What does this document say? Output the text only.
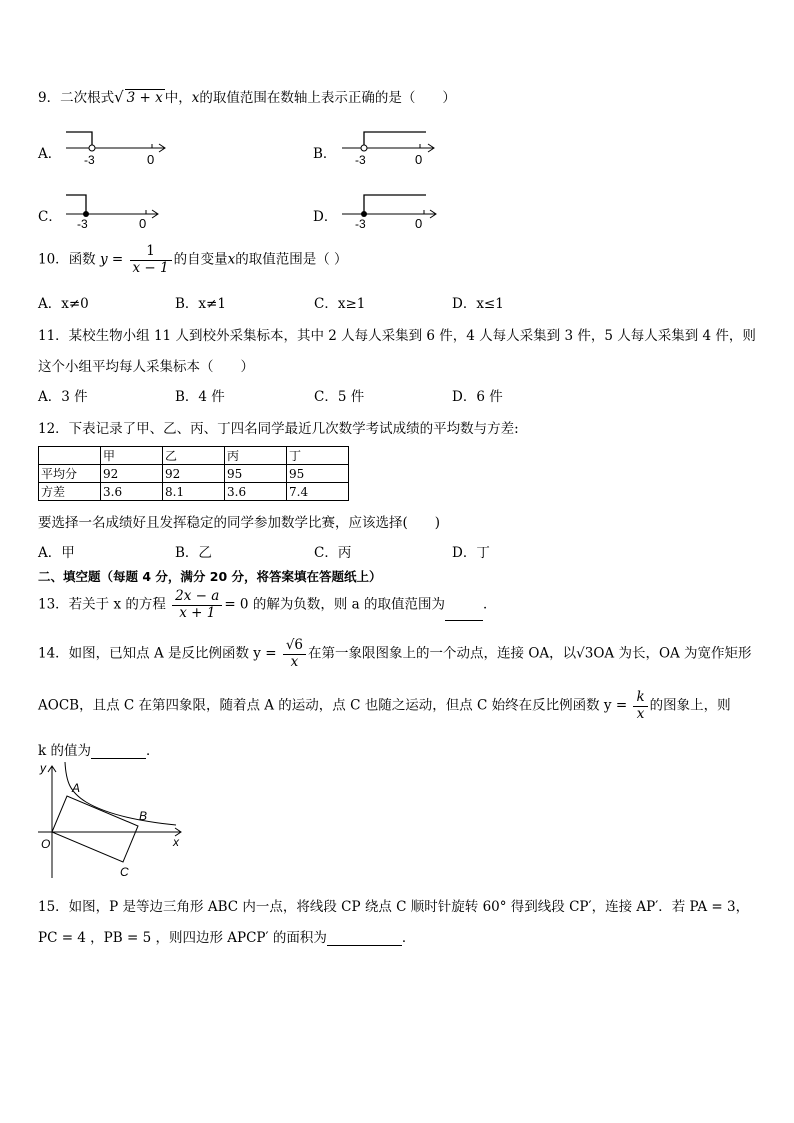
9．二次根式√ 3 + x 中，x的取值范围在数轴上表示正确的是（　　）
A． -3	0	B． -3	0
C． -3	0	D． -3	0
10．函数 $y = \frac{1}{x - 1}$ 的自变量x的取值范围是（ ）
A．x≠0	B．x≠1	C．x≥1	D．x≤1
11．某校生物小组 11 人到校外采集标本，其中 2 人每人采集到 6 件，4 人每人采集到 3 件，5 人每人采集到 4 件，则
这个小组平均每人采集标本（　　）
A．3 件	B．4 件	C．5 件	D．6 件
12．下表记录了甲、乙、丙、丁四名同学最近几次数学考试成绩的平均数与方差:
	甲	乙	丙	丁
平均分	92	92	95	95
方差	3.6	8.1	3.6	7.4
要选择一名成绩好且发挥稳定的同学参加数学比赛，应该选择(　　)
A．甲	B．乙	C．丙	D．丁
二、填空题（每题 4 分，满分 20 分，将答案填在答题纸上）
13．若关于 x 的方程 $\frac{2x - a}{x + 1} = 0$ 的解为负数，则 a 的取值范围为	．
14．如图，已知点 A 是反比例函数 $y = \frac{√6}{x}$ 在第一象限图象上的一个动点，连接 OA，以√3OA 为长，OA 为宽作矩形
AOCB，且点 C 在第四象限，随着点 A 的运动，点 C 也随之运动，但点 C 始终在反比例函数 $y = \frac{k}{x}$ 的图象上，则
k 的值为	．
y
x
O
A
B
C
15．如图，P 是等边三角形 ABC 内一点，将线段 CP 绕点 C 顺时针旋转 60° 得到线段 CP′，连接 AP′．若 PA = 3，
PC = 4 ，PB = 5 ，则四边形 APCP′ 的面积为	．
